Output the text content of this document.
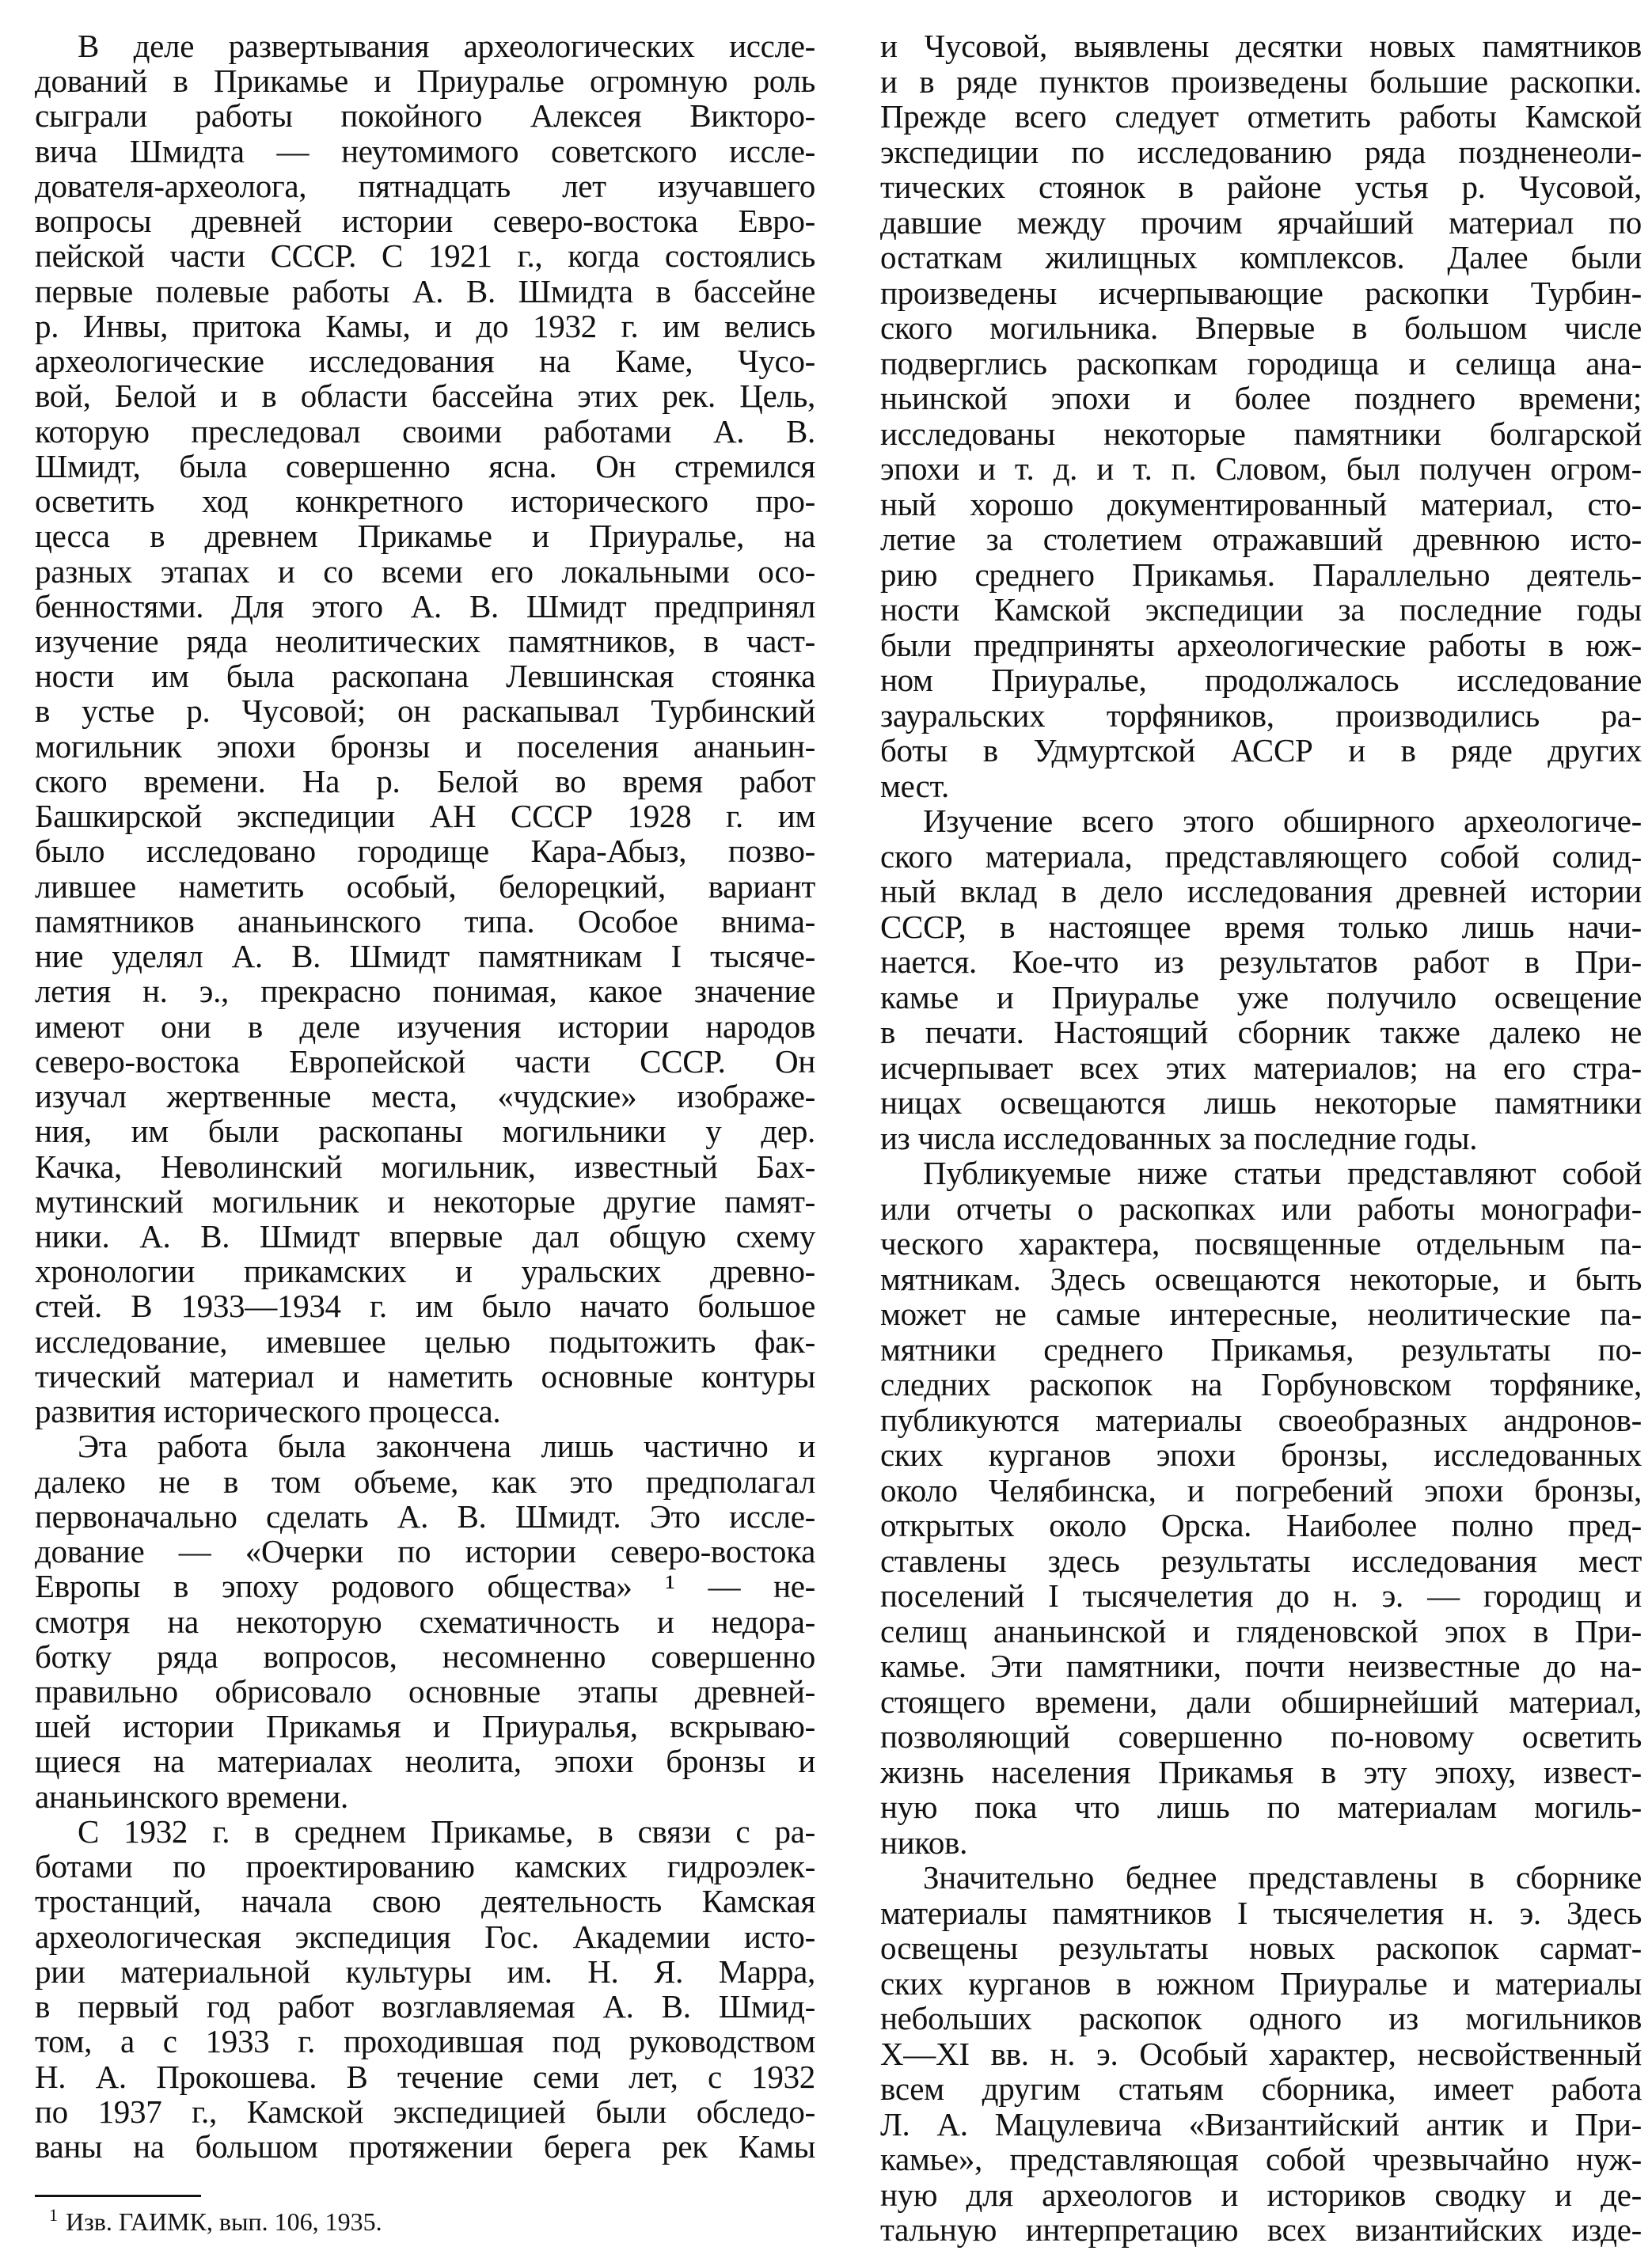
В деле развертывания археологических иссле-
дований в Прикамье и Приуралье огромную роль
сыграли работы покойного Алексея Викторо-
вича Шмидта — неутомимого советского иссле-
дователя-археолога, пятнадцать лет изучавшего
вопросы древней истории северо-востока Евро-
пейской части СССР. С 1921 г., когда состоялись
первые полевые работы А. В. Шмидта в бассейне
р. Инвы, притока Камы, и до 1932 г. им велись
археологические исследования на Каме, Чусо-
вой, Белой и в области бассейна этих рек. Цель,
которую преследовал своими работами А. В.
Шмидт, была совершенно ясна. Он стремился
осветить ход конкретного исторического про-
цесса в древнем Прикамье и Приуралье, на
разных этапах и со всеми его локальными осо-
бенностями. Для этого А. В. Шмидт предпринял
изучение ряда неолитических памятников, в част-
ности им была раскопана Левшинская стоянка
в устье р. Чусовой; он раскапывал Турбинский
могильник эпохи бронзы и поселения ананьин-
ского времени. На р. Белой во время работ
Башкирской экспедиции АН СССР 1928 г. им
было исследовано городище Кара-Абыз, позво-
лившее наметить особый, белорецкий, вариант
памятников ананьинского типа. Особое внима-
ние уделял А. В. Шмидт памятникам I тысяче-
летия н. э., прекрасно понимая, какое значение
имеют они в деле изучения истории народов
северо-востока Европейской части СССР. Он
изучал жертвенные места, «чудские» изображе-
ния, им были раскопаны могильники у дер.
Качка, Неволинский могильник, известный Бах-
мутинский могильник и некоторые другие памят-
ники. А. В. Шмидт впервые дал общую схему
хронологии прикамских и уральских древно-
стей. В 1933—1934 г. им было начато большое
исследование, имевшее целью подытожить фак-
тический материал и наметить основные контуры
развития исторического процесса.
Эта работа была закончена лишь частично и
далеко не в том объеме, как это предполагал
первоначально сделать А. В. Шмидт. Это иссле-
дование — «Очерки по истории северо-востока
Европы в эпоху родового общества» ¹ — не-
смотря на некоторую схематичность и недора-
ботку ряда вопросов, несомненно совершенно
правильно обрисовало основные этапы древней-
шей истории Прикамья и Приуралья, вскрываю-
щиеся на материалах неолита, эпохи бронзы и
ананьинского времени.
С 1932 г. в среднем Прикамье, в связи с ра-
ботами по проектированию камских гидроэлек-
тростанций, начала свою деятельность Камская
археологическая экспедиция Гос. Академии исто-
рии материальной культуры им. Н. Я. Марра,
в первый год работ возглавляемая А. В. Шмид-
том, а с 1933 г. проходившая под руководством
Н. А. Прокошева. В течение семи лет, с 1932
по 1937 г., Камской экспедицией были обследо-
ваны на большом протяжении берега рек Камы
и Чусовой, выявлены десятки новых памятников
и в ряде пунктов произведены большие раскопки.
Прежде всего следует отметить работы Камской
экспедиции по исследованию ряда поздненеоли-
тических стоянок в районе устья р. Чусовой,
давшие между прочим ярчайший материал по
остаткам жилищных комплексов. Далее были
произведены исчерпывающие раскопки Турбин-
ского могильника. Впервые в большом числе
подверглись раскопкам городища и селища ана-
ньинской эпохи и более позднего времени;
исследованы некоторые памятники болгарской
эпохи и т. д. и т. п. Словом, был получен огром-
ный хорошо документированный материал, сто-
летие за столетием отражавший древнюю исто-
рию среднего Прикамья. Параллельно деятель-
ности Камской экспедиции за последние годы
были предприняты археологические работы в юж-
ном Приуралье, продолжалось исследование
зауральских торфяников, производились ра-
боты в Удмуртской АССР и в ряде других
мест.
Изучение всего этого обширного археологиче-
ского материала, представляющего собой солид-
ный вклад в дело исследования древней истории
СССР, в настоящее время только лишь начи-
нается. Кое-что из результатов работ в При-
камье и Приуралье уже получило освещение
в печати. Настоящий сборник также далеко не
исчерпывает всех этих материалов; на его стра-
ницах освещаются лишь некоторые памятники
из числа исследованных за последние годы.
Публикуемые ниже статьи представляют собой
или отчеты о раскопках или работы монографи-
ческого характера, посвященные отдельным па-
мятникам. Здесь освещаются некоторые, и быть
может не самые интересные, неолитические па-
мятники среднего Прикамья, результаты по-
следних раскопок на Горбуновском торфянике,
публикуются материалы своеобразных андронов-
ских курганов эпохи бронзы, исследованных
около Челябинска, и погребений эпохи бронзы,
открытых около Орска. Наиболее полно пред-
ставлены здесь результаты исследования мест
поселений I тысячелетия до н. э. — городищ и
селищ ананьинской и гляденовской эпох в При-
камье. Эти памятники, почти неизвестные до на-
стоящего времени, дали обширнейший материал,
позволяющий совершенно по-новому осветить
жизнь населения Прикамья в эту эпоху, извест-
ную пока что лишь по материалам могиль-
ников.
Значительно беднее представлены в сборнике
материалы памятников I тысячелетия н. э. Здесь
освещены результаты новых раскопок сармат-
ских курганов в южном Приуралье и материалы
небольших раскопок одного из могильников
X—XI вв. н. э. Особый характер, несвойственный
всем другим статьям сборника, имеет работа
Л. А. Мацулевича «Византийский антик и При-
камье», представляющая собой чрезвычайно нуж-
ную для археологов и историков сводку и де-
тальную интерпретацию всех византийских изде-
$^1$ Изв. ГАИМК, вып. 106, 1935.
